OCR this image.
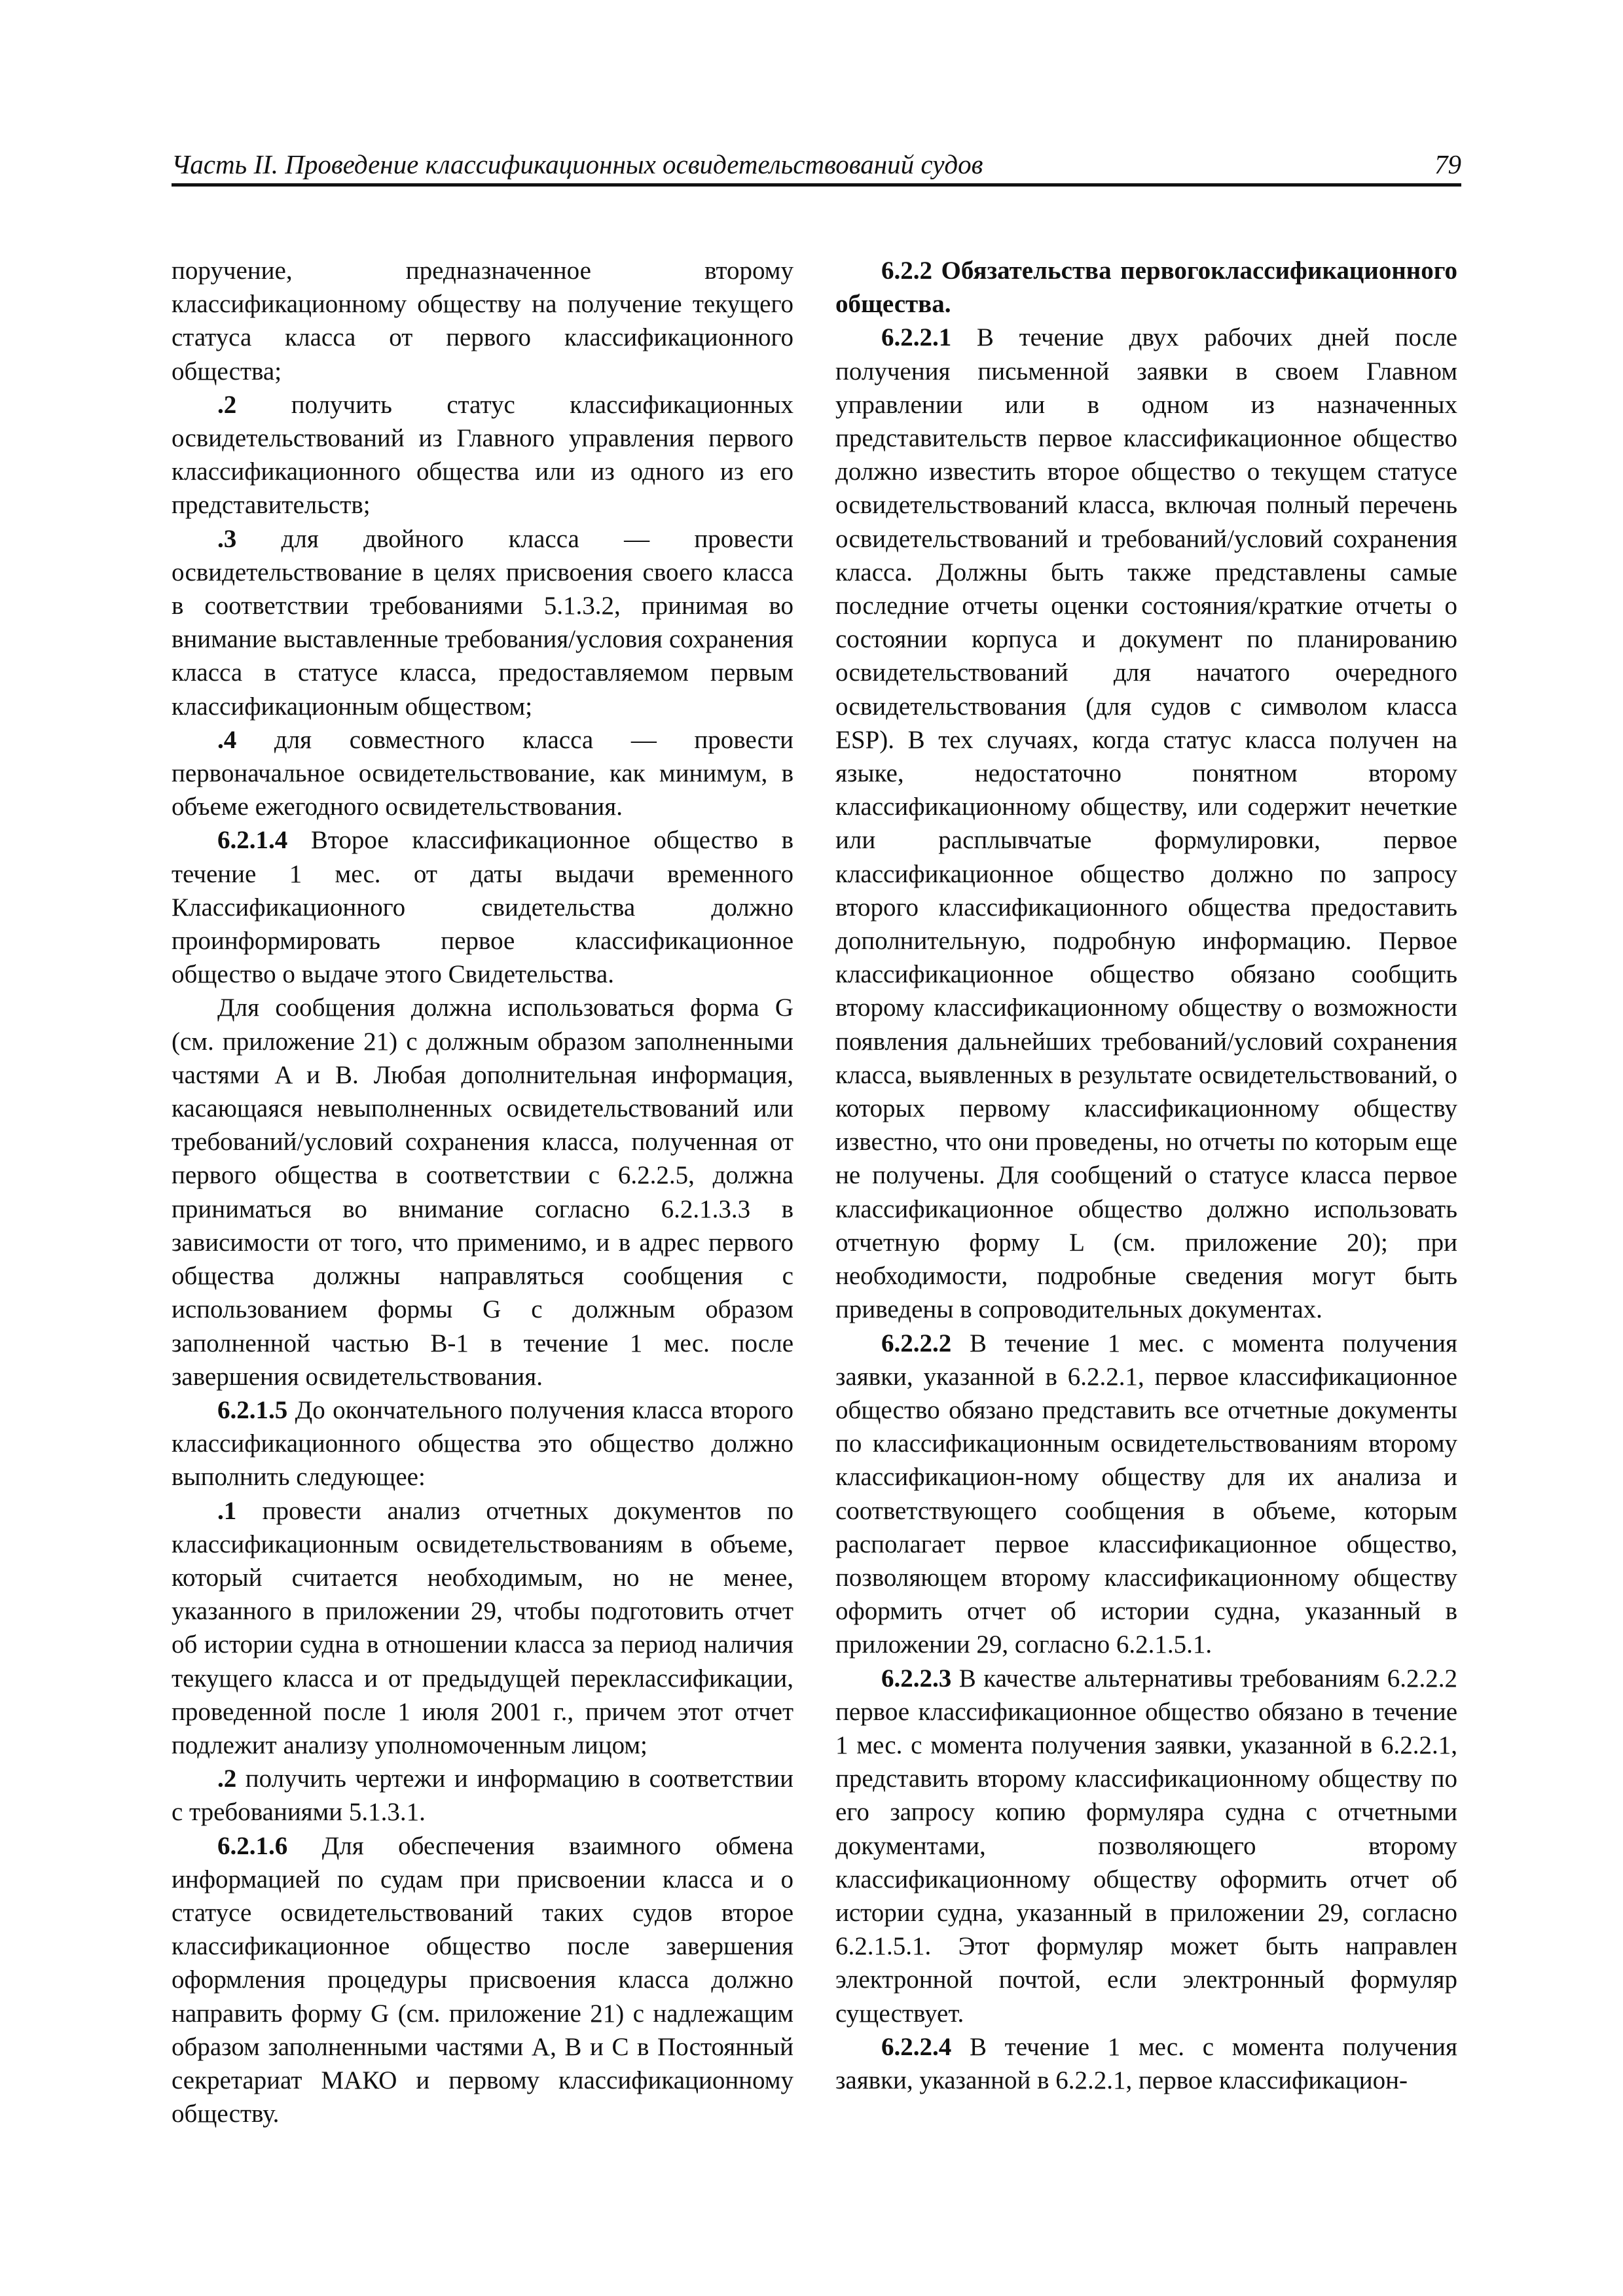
Часть II. Проведение классификационных освидетельствований судов	79

поручение, предназначенное второму классификационному обществу на получение текущего статуса класса от первого классификационного общества;

.2 получить статус классификационных освидетельствований из Главного управления первого классификационного общества или из одного из его представительств;

.3 для двойного класса — провести освидетельствование в целях присвоения своего класса в соответствии требованиями 5.1.3.2, принимая во внимание выставленные требования/условия сохранения класса в статусе класса, предоставляемом первым классификационным обществом;

.4 для совместного класса — провести первоначальное освидетельствование, как минимум, в объеме ежегодного освидетельствования.

6.2.1.4 Второе классификационное общество в течение 1 мес. от даты выдачи временного Классификационного свидетельства должно проинформировать первое классификационное общество о выдаче этого Свидетельства.

Для сообщения должна использоваться форма G (см. приложение 21) с должным образом заполненными частями A и B. Любая дополнительная информация, касающаяся невыполненных освидетельствований или требований/условий сохранения класса, полученная от первого общества в соответствии с 6.2.2.5, должна приниматься во внимание согласно 6.2.1.3.3 в зависимости от того, что применимо, и в адрес первого общества должны направляться сообщения с использованием формы G с должным образом заполненной частью B-1 в течение 1 мес. после завершения освидетельствования.

6.2.1.5 До окончательного получения класса второго классификационного общества это общество должно выполнить следующее:

.1 провести анализ отчетных документов по классификационным освидетельствованиям в объеме, который считается необходимым, но не менее, указанного в приложении 29, чтобы подготовить отчет об истории судна в отношении класса за период наличия текущего класса и от предыдущей переклассификации, проведенной после 1 июля 2001 г., причем этот отчет подлежит анализу уполномоченным лицом;

.2 получить чертежи и информацию в соответствии с требованиями 5.1.3.1.

6.2.1.6 Для обеспечения взаимного обмена информацией по судам при присвоении класса и о статусе освидетельствований таких судов второе классификационное общество после завершения оформления процедуры присвоения класса должно направить форму G (см. приложение 21) с надлежащим образом заполненными частями A, B и C в Постоянный секретариат МАКО и первому классификационному обществу.

6.2.2 Обязательства первогоклассификационного общества.

6.2.2.1 В течение двух рабочих дней после получения письменной заявки в своем Главном управлении или в одном из назначенных представительств первое классификационное общество должно известить второе общество о текущем статусе освидетельствований класса, включая полный перечень освидетельствований и требований/условий сохранения класса. Должны быть также представлены самые последние отчеты оценки состояния/краткие отчеты о состоянии корпуса и документ по планированию освидетельствований для начатого очередного освидетельствования (для судов с символом класса ESP). В тех случаях, когда статус класса получен на языке, недостаточно понятном второму классификационному обществу, или содержит нечеткие или расплывчатые формулировки, первое классификационное общество должно по запросу второго классификационного общества предоставить дополнительную, подробную информацию. Первое классификационное общество обязано сообщить второму классификационному обществу о возможности появления дальнейших требований/условий сохранения класса, выявленных в результате освидетельствований, о которых первому классификационному обществу известно, что они проведены, но отчеты по которым еще не получены. Для сообщений о статусе класса первое классификационное общество должно использовать отчетную форму L (см. приложение 20); при необходимости, подробные сведения могут быть приведены в сопроводительных документах.

6.2.2.2 В течение 1 мес. с момента получения заявки, указанной в 6.2.2.1, первое классификационное общество обязано представить все отчетные документы по классификационным освидетельствованиям второму классификацион-ному обществу для их анализа и соответствующего сообщения в объеме, которым располагает первое классификационное общество, позволяющем второму классификационному обществу оформить отчет об истории судна, указанный в приложении 29, согласно 6.2.1.5.1.

6.2.2.3 В качестве альтернативы требованиям 6.2.2.2 первое классификационное общество обязано в течение 1 мес. с момента получения заявки, указанной в 6.2.2.1, представить второму классификационному обществу по его запросу копию формуляра судна с отчетными документами, позволяющего второму классификационному обществу оформить отчет об истории судна, указанный в приложении 29, согласно 6.2.1.5.1. Этот формуляр может быть направлен электронной почтой, если электронный формуляр существует.

6.2.2.4 В течение 1 мес. с момента получения заявки, указанной в 6.2.2.1, первое классификацион-
